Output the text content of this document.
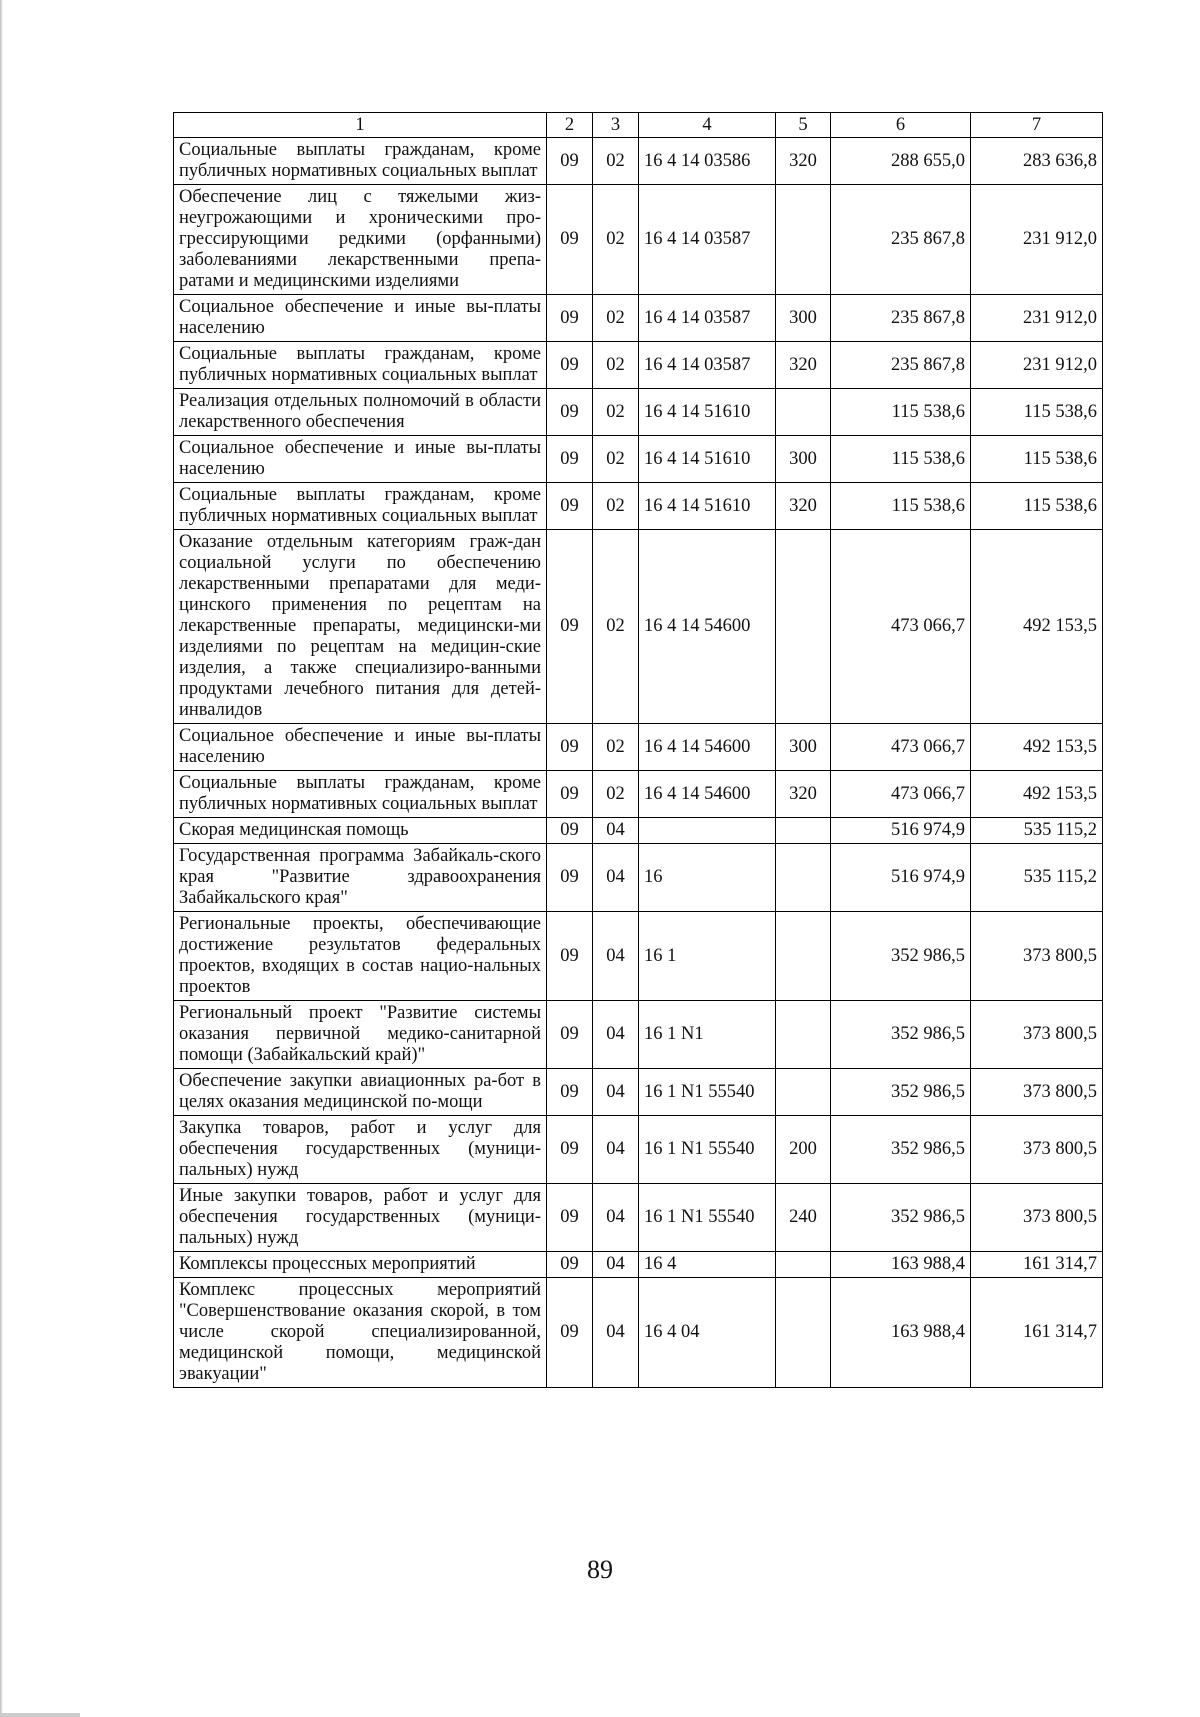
1	2	3	4	5	6	7
Социальные выплаты гражданам, кроме публичных нормативных социальных выплат	09	02	16 4 14 03586	320	288 655,0	283 636,8
Обеспечение лиц с тяжелыми жиз-неугрожающими и хроническими про-грессирующими редкими (орфанными) заболеваниями лекарственными препа-ратами и медицинскими изделиями	09	02	16 4 14 03587		235 867,8	231 912,0
Социальное обеспечение и иные вы-платы населению	09	02	16 4 14 03587	300	235 867,8	231 912,0
Социальные выплаты гражданам, кроме публичных нормативных социальных выплат	09	02	16 4 14 03587	320	235 867,8	231 912,0
Реализация отдельных полномочий в области лекарственного обеспечения	09	02	16 4 14 51610		115 538,6	115 538,6
Социальное обеспечение и иные вы-платы населению	09	02	16 4 14 51610	300	115 538,6	115 538,6
Социальные выплаты гражданам, кроме публичных нормативных социальных выплат	09	02	16 4 14 51610	320	115 538,6	115 538,6
Оказание отдельным категориям граж-дан социальной услуги по обеспечению лекарственными препаратами для меди-цинского применения по рецептам на лекарственные препараты, медицински-ми изделиями по рецептам на медицин-ские изделия, а также специализиро-ванными продуктами лечебного питания для детей-инвалидов	09	02	16 4 14 54600		473 066,7	492 153,5
Социальное обеспечение и иные вы-платы населению	09	02	16 4 14 54600	300	473 066,7	492 153,5
Социальные выплаты гражданам, кроме публичных нормативных социальных выплат	09	02	16 4 14 54600	320	473 066,7	492 153,5
Скорая медицинская помощь	09	04			516 974,9	535 115,2
Государственная программа Забайкаль-ского края "Развитие здравоохранения Забайкальского края"	09	04	16		516 974,9	535 115,2
Региональные проекты, обеспечивающие достижение результатов федеральных проектов, входящих в состав нацио-нальных проектов	09	04	16 1		352 986,5	373 800,5
Региональный проект "Развитие системы оказания первичной медико-санитарной помощи (Забайкальский край)"	09	04	16 1 N1		352 986,5	373 800,5
Обеспечение закупки авиационных ра-бот в целях оказания медицинской по-мощи	09	04	16 1 N1 55540		352 986,5	373 800,5
Закупка товаров, работ и услуг для обеспечения государственных (муници-пальных) нужд	09	04	16 1 N1 55540	200	352 986,5	373 800,5
Иные закупки товаров, работ и услуг для обеспечения государственных (муници-пальных) нужд	09	04	16 1 N1 55540	240	352 986,5	373 800,5
Комплексы процессных мероприятий	09	04	16 4		163 988,4	161 314,7
Комплекс процессных мероприятий "Совершенствование оказания скорой, в том числе скорой специализированной, медицинской помощи, медицинской эвакуации"	09	04	16 4 04		163 988,4	161 314,7
89
